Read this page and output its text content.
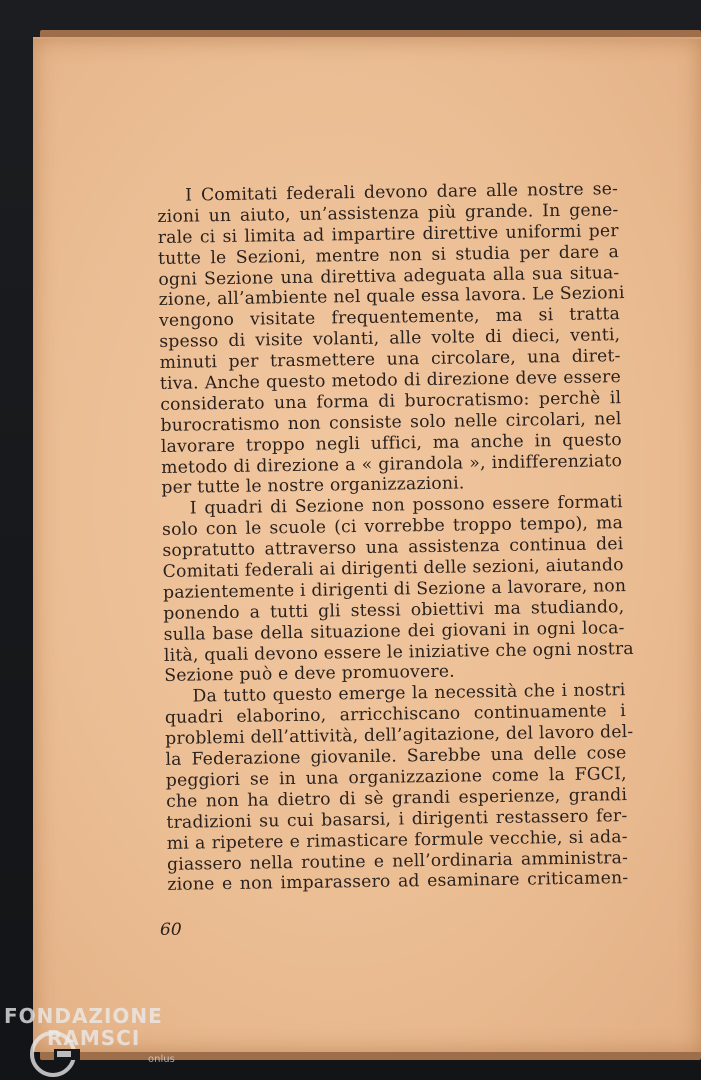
I Comitati federali devono dare alle nostre se-
zioni un aiuto, un’assistenza più grande. In gene-
rale ci si limita ad impartire direttive uniformi per
tutte le Sezioni, mentre non si studia per dare a
ogni Sezione una direttiva adeguata alla sua situa-
zione, all’ambiente nel quale essa lavora. Le Sezioni
vengono visitate frequentemente, ma si tratta
spesso di visite volanti, alle volte di dieci, venti,
minuti per trasmettere una circolare, una diret-
tiva. Anche questo metodo di direzione deve essere
considerato una forma di burocratismo: perchè il
burocratismo non consiste solo nelle circolari, nel
lavorare troppo negli uffici, ma anche in questo
metodo di direzione a « girandola », indifferenziato
per tutte le nostre organizzazioni.
I quadri di Sezione non possono essere formati
solo con le scuole (ci vorrebbe troppo tempo), ma
sopratutto attraverso una assistenza continua dei
Comitati federali ai dirigenti delle sezioni, aiutando
pazientemente i dirigenti di Sezione a lavorare, non
ponendo a tutti gli stessi obiettivi ma studiando,
sulla base della situazione dei giovani in ogni loca-
lità, quali devono essere le iniziative che ogni nostra
Sezione può e deve promuovere.
Da tutto questo emerge la necessità che i nostri
quadri elaborino, arricchiscano continuamente i
problemi dell’attività, dell’agitazione, del lavoro del-
la Federazione giovanile. Sarebbe una delle cose
peggiori se in una organizzazione come la FGCI,
che non ha dietro di sè grandi esperienze, grandi
tradizioni su cui basarsi, i dirigenti restassero fer-
mi a ripetere e rimasticare formule vecchie, si ada-
giassero nella routine e nell’ordinaria amministra-
zione e non imparassero ad esaminare criticamen-
60
FONDAZIONE
RAMSCI
onlus
